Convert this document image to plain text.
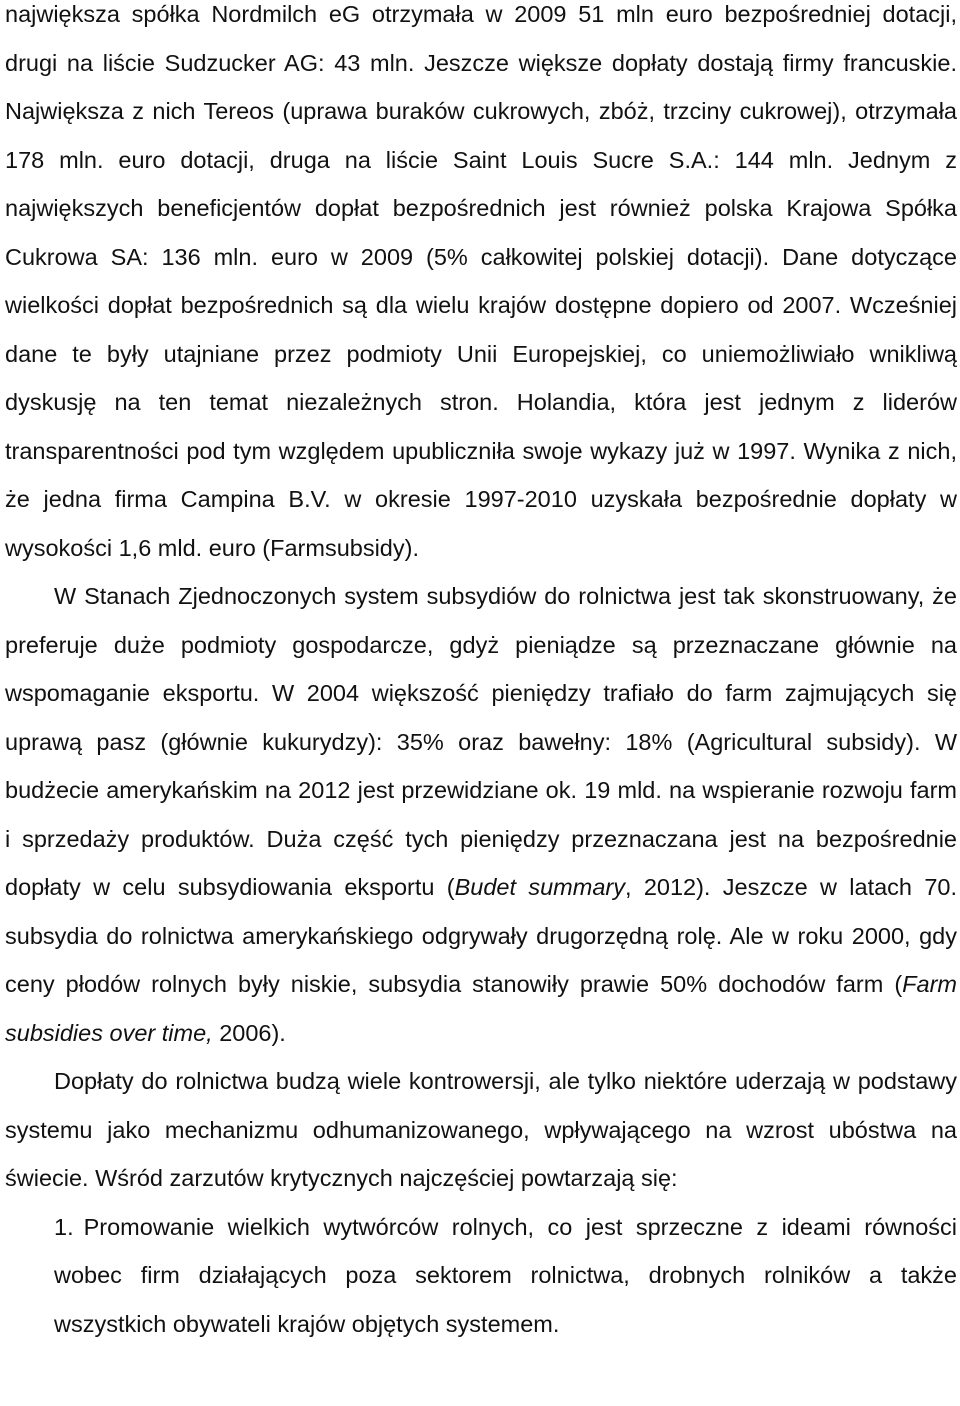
największa spółka Nordmilch eG otrzymała w 2009 51 mln euro bezpośredniej dotacji, drugi na liście Sudzucker AG: 43 mln. Jeszcze większe dopłaty dostają firmy francuskie. Największa z nich Tereos (uprawa buraków cukrowych, zbóż, trzciny cukrowej), otrzymała 178 mln. euro dotacji, druga na liście Saint Louis Sucre S.A.: 144 mln. Jednym z największych beneficjentów dopłat bezpośrednich jest również polska Krajowa Spółka Cukrowa SA: 136 mln. euro w 2009 (5% całkowitej polskiej dotacji). Dane dotyczące wielkości dopłat bezpośrednich są dla wielu krajów dostępne dopiero od 2007. Wcześniej dane te były utajniane przez podmioty Unii Europejskiej, co uniemożliwiało wnikliwą dyskusję na ten temat niezależnych stron. Holandia, która jest jednym z liderów transparentności pod tym względem upubliczniła swoje wykazy już w 1997. Wynika z nich, że jedna firma Campina B.V. w okresie 1997-2010 uzyskała bezpośrednie dopłaty w wysokości 1,6 mld. euro (Farmsubsidy).

W Stanach Zjednoczonych system subsydiów do rolnictwa jest tak skonstruowany, że preferuje duże podmioty gospodarcze, gdyż pieniądze są przeznaczane głównie na wspomaganie eksportu. W 2004 większość pieniędzy trafiało do farm zajmujących się uprawą pasz (głównie kukurydzy): 35% oraz bawełny: 18% (Agricultural subsidy). W budżecie amerykańskim na 2012 jest przewidziane ok. 19 mld. na wspieranie rozwoju farm i sprzedaży produktów. Duża część tych pieniędzy przeznaczana jest na bezpośrednie dopłaty w celu subsydiowania eksportu (Budet summary, 2012). Jeszcze w latach 70. subsydia do rolnictwa amerykańskiego odgrywały drugorzędną rolę. Ale w roku 2000, gdy ceny płodów rolnych były niskie, subsydia stanowiły prawie 50% dochodów farm (Farm subsidies over time, 2006).

Dopłaty do rolnictwa budzą wiele kontrowersji, ale tylko niektóre uderzają w podstawy systemu jako mechanizmu odhumanizowanego, wpływającego na wzrost ubóstwa na świecie. Wśród zarzutów krytycznych najczęściej powtarzają się:

1. Promowanie wielkich wytwórców rolnych, co jest sprzeczne z ideami równości wobec firm działających poza sektorem rolnictwa, drobnych rolników a także wszystkich obywateli krajów objętych systemem.
